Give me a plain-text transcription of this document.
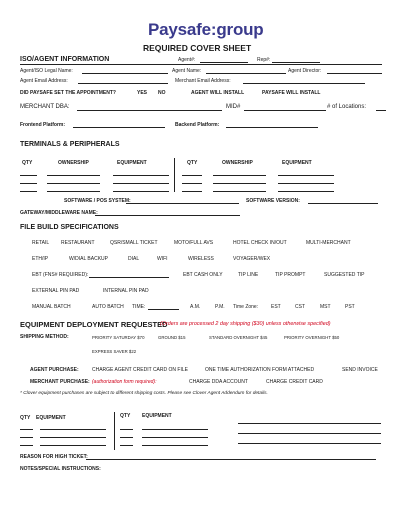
Paysafe:group
REQUIRED COVER SHEET
ISO/AGENT INFORMATION	Agent#:	Rep#:
Agent/ISO Legal Name:	Agent Name:	Agent Director:
Agent Email Address:	Merchant Email Address:
DID PAYSAFE SET THE APPOINTMENT?	YES NO	AGENT WILL INSTALL	PAYSAFE WILL INSTALL
MERCHANT DBA:	MID#	# of Locations:
Frontend Platform:	Backend Platform:
TERMINALS & PERIPHERALS
QTY	OWNERSHIP	EQUIPMENT	QTY	OWNERSHIP	EQUIPMENT
SOFTWARE / POS SYSTEM:	SOFTWARE VERSION:
GATEWAY/MIDDLEWARE NAME:
FILE BUILD SPECIFICATIONS
RETAIL RESTAURANT	QSR/SMALL TICKET	MOTO/FULL AVS	HOTEL CHECK IN/OUT	MULTI-MERCHANT
ETH/IP	W/DIAL BACKUP	DIAL	WIFI	WIRELESS	VOYAGER/WEX
EBT (FNS# REQUIRED):	EBT CASH ONLY	TIP LINE	TIP PROMPT	SUGGESTED TIP
EXTERNAL PIN PAD	INTERNAL PIN PAD
MANUAL BATCH	AUTO BATCH TIME:	A.M.	P.M. Time Zone:	EST	CST	MST	PST
EQUIPMENT DEPLOYMENT REQUESTED
(Orders are processed 2 day shipping ($30) unless otherwise specified)
SHIPPING METHOD:	PRIORITY SATURDAY $70	GROUND $15	STANDARD OVERNIGHT $45	PRIORITY OVERNIGHT $50
EXPRESS SAVER $22
AGENT PURCHASE:	CHARGE AGENT CREDIT CARD ON FILE	ONE TIME AUTHORIZATION FORM ATTACHED	SEND INVOICE
MERCHANT PURCHASE: (authorization form required):	CHARGE DDA ACCOUNT	CHARGE CREDIT CARD
* Clover equipment purchases are subject to different shipping costs. Please see Clover Agent Addendum for details.
QTY EQUIPMENT	QTY EQUIPMENT
REASON FOR HIGH TICKET:
NOTES/SPECIAL INSTRUCTIONS:
